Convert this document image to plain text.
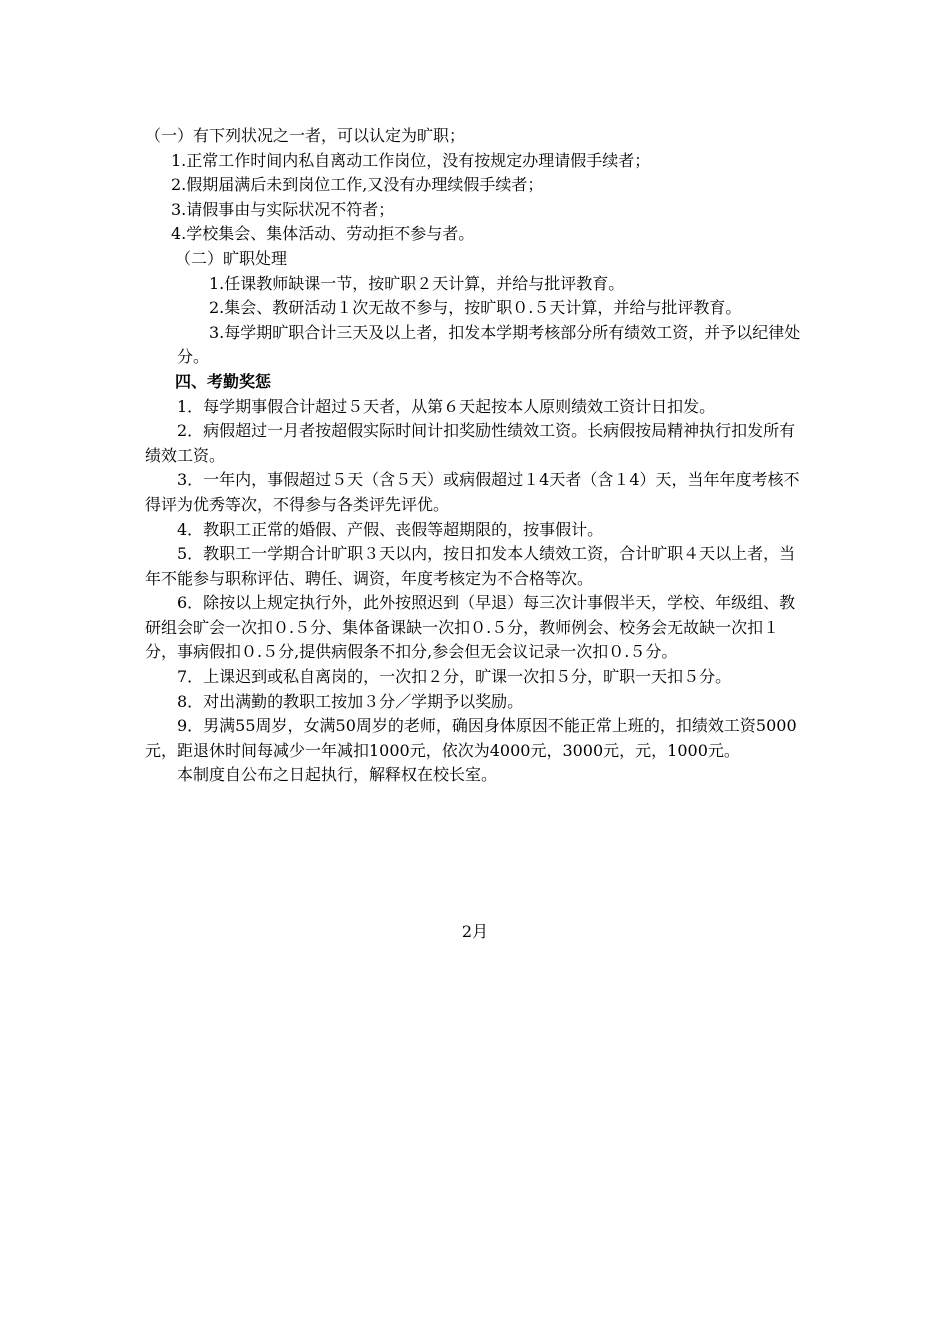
（一）有下列状况之一者，可以认定为旷职；

1.正常工作时间内私自离动工作岗位，没有按规定办理请假手续者；

2.假期届满后未到岗位工作,又没有办理续假手续者；

3.请假事由与实际状况不符者；

4.学校集会、集体活动、劳动拒不参与者。

（二）旷职处理

1.任课教师缺课一节，按旷职２天计算，并给与批评教育。

2.集会、教研活动１次无故不参与，按旷职０.５天计算，并给与批评教育。

3.每学期旷职合计三天及以上者，扣发本学期考核部分所有绩效工资，并予以纪律处分。

四、考勤奖惩

1．每学期事假合计超过５天者，从第６天起按本人原则绩效工资计日扣发。

2．病假超过一月者按超假实际时间计扣奖励性绩效工资。长病假按局精神执行扣发所有绩效工资。

3．一年内，事假超过５天（含５天）或病假超过１4天者（含１4）天，当年年度考核不得评为优秀等次，不得参与各类评先评优。

4．教职工正常的婚假、产假、丧假等超期限的，按事假计。

5．教职工一学期合计旷职３天以内，按日扣发本人绩效工资，合计旷职４天以上者，当年不能参与职称评估、聘任、调资，年度考核定为不合格等次。

6．除按以上规定执行外，此外按照迟到（早退）每三次计事假半天，学校、年级组、教研组会旷会一次扣０.５分、集体备课缺一次扣０.５分，教师例会、校务会无故缺一次扣１分，事病假扣０.５分,提供病假条不扣分,参会但无会议记录一次扣０.５分。

7．上课迟到或私自离岗的，一次扣２分，旷课一次扣５分，旷职一天扣５分。

8．对出满勤的教职工按加３分／学期予以奖励。

9．男满55周岁，女满50周岁的老师，确因身体原因不能正常上班的，扣绩效工资5000元，距退休时间每减少一年减扣1000元，依次为4000元，3000元，元，1000元。

本制度自公布之日起执行，解释权在校长室。

2月
